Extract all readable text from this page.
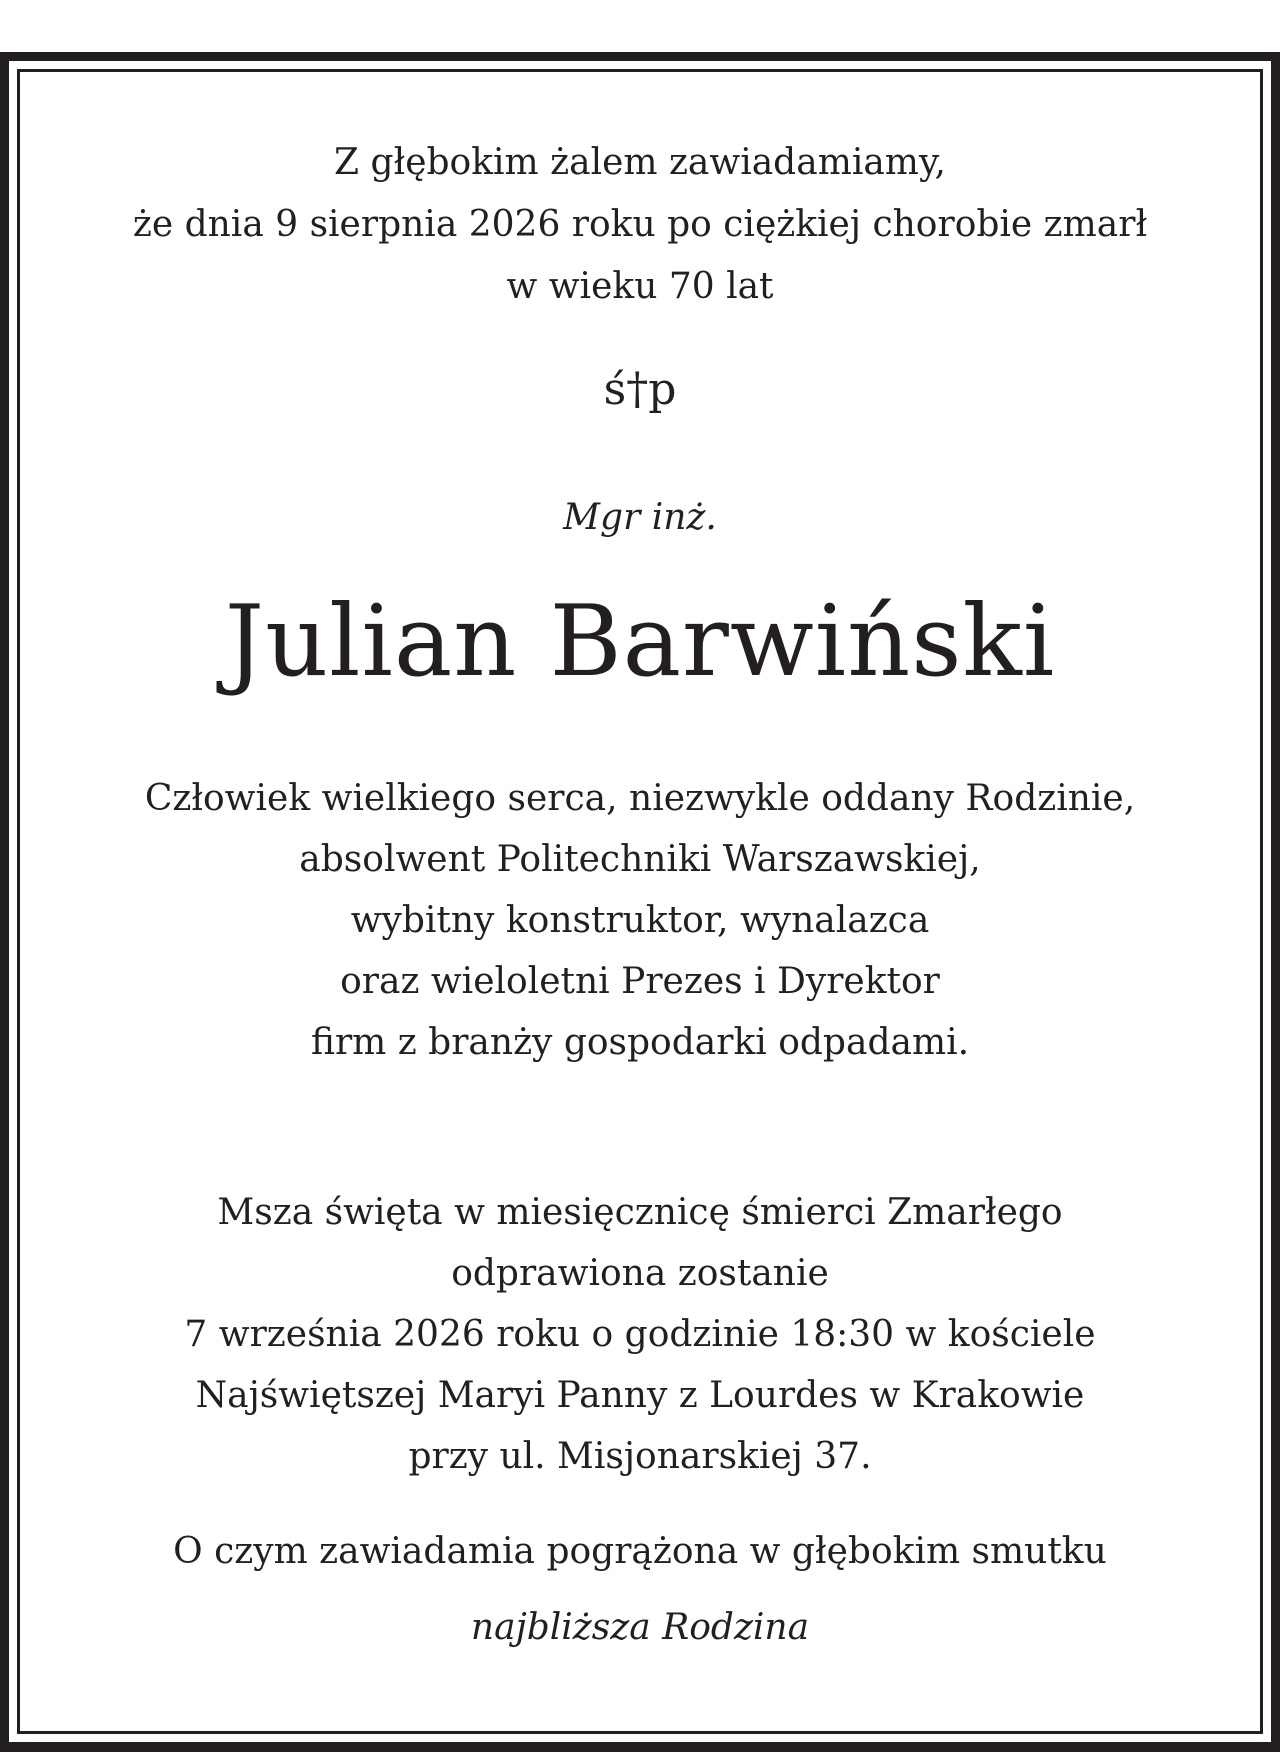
Z głębokim żalem zawiadamiamy,
że dnia 9 sierpnia 2026 roku po ciężkiej chorobie zmarł
w wieku 70 lat
ś†p
Mgr inż.
Julian Barwiński
Człowiek wielkiego serca, niezwykle oddany Rodzinie,
absolwent Politechniki Warszawskiej,
wybitny konstruktor, wynalazca
oraz wieloletni Prezes i Dyrektor
firm z branży gospodarki odpadami.
Msza święta w miesięcznicę śmierci Zmarłego
odprawiona zostanie
7 września 2026 roku o godzinie 18:30 w kościele
Najświętszej Maryi Panny z Lourdes w Krakowie
przy ul. Misjonarskiej 37.
O czym zawiadamia pogrążona w głębokim smutku
najbliższa Rodzina
